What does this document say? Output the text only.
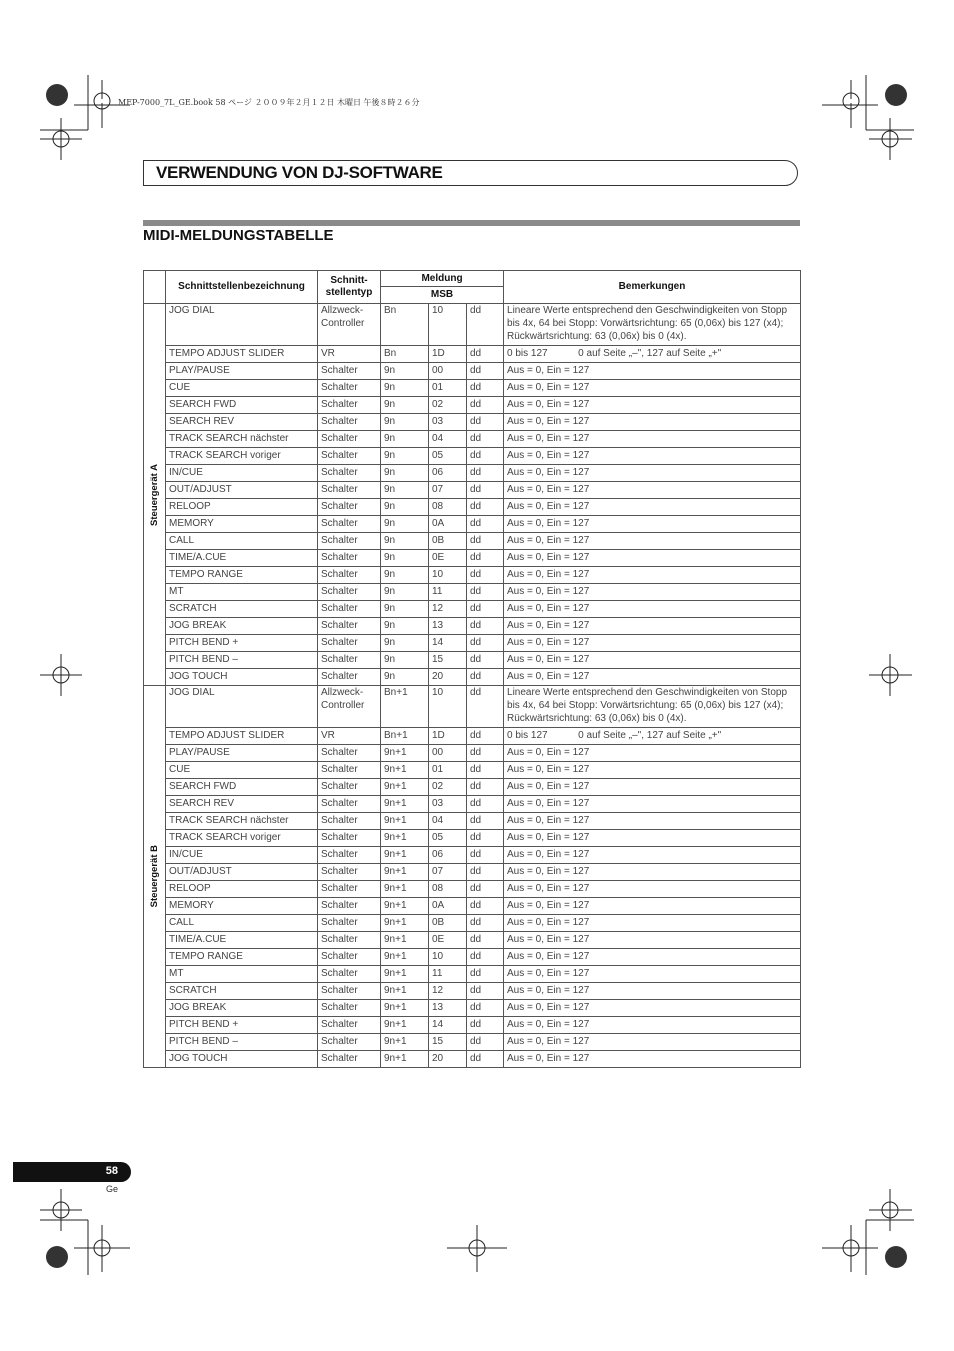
MEP-7000_7L_GE.book 58 ページ ２００９年２月１２日 木曜日 午後８時２６分
VERWENDUNG VON DJ-SOFTWARE
MIDI-MELDUNGSTABELLE
	Schnittstellenbezeichnung	Schnitt-stellentyp	Meldung			Bemerkungen
			MSB			

Steuergerät A	JOG DIAL	Allzweck-Controller	Bn	10	dd	Lineare Werte entsprechend den Geschwindigkeiten von Stopp bis 4x, 64 bei Stopp: Vorwärtsrichtung: 65 (0,06x) bis 127 (x4); Rückwärtsrichtung: 63 (0,06x) bis 0 (4x).
	TEMPO ADJUST SLIDER	VR	Bn	1D	dd	0 bis 127           0 auf Seite „–", 127 auf Seite „+"
	PLAY/PAUSE	Schalter	9n	00	dd	Aus = 0, Ein = 127
	CUE	Schalter	9n	01	dd	Aus = 0, Ein = 127
	SEARCH FWD	Schalter	9n	02	dd	Aus = 0, Ein = 127
	SEARCH REV	Schalter	9n	03	dd	Aus = 0, Ein = 127
	TRACK SEARCH nächster	Schalter	9n	04	dd	Aus = 0, Ein = 127
	TRACK SEARCH voriger	Schalter	9n	05	dd	Aus = 0, Ein = 127
	IN/CUE	Schalter	9n	06	dd	Aus = 0, Ein = 127
	OUT/ADJUST	Schalter	9n	07	dd	Aus = 0, Ein = 127
	RELOOP	Schalter	9n	08	dd	Aus = 0, Ein = 127
	MEMORY	Schalter	9n	0A	dd	Aus = 0, Ein = 127
	CALL	Schalter	9n	0B	dd	Aus = 0, Ein = 127
	TIME/A.CUE	Schalter	9n	0E	dd	Aus = 0, Ein = 127
	TEMPO RANGE	Schalter	9n	10	dd	Aus = 0, Ein = 127
	MT	Schalter	9n	11	dd	Aus = 0, Ein = 127
	SCRATCH	Schalter	9n	12	dd	Aus = 0, Ein = 127
	JOG BREAK	Schalter	9n	13	dd	Aus = 0, Ein = 127
	PITCH BEND +	Schalter	9n	14	dd	Aus = 0, Ein = 127
	PITCH BEND –	Schalter	9n	15	dd	Aus = 0, Ein = 127
	JOG TOUCH	Schalter	9n	20	dd	Aus = 0, Ein = 127

Steuergerät B	JOG DIAL	Allzweck-Controller	Bn+1	10	dd	Lineare Werte entsprechend den Geschwindigkeiten von Stopp bis 4x, 64 bei Stopp: Vorwärtsrichtung: 65 (0,06x) bis 127 (x4); Rückwärtsrichtung: 63 (0,06x) bis 0 (4x).
	TEMPO ADJUST SLIDER	VR	Bn+1	1D	dd	0 bis 127           0 auf Seite „–", 127 auf Seite „+"
	PLAY/PAUSE	Schalter	9n+1	00	dd	Aus = 0, Ein = 127
	CUE	Schalter	9n+1	01	dd	Aus = 0, Ein = 127
	SEARCH FWD	Schalter	9n+1	02	dd	Aus = 0, Ein = 127
	SEARCH REV	Schalter	9n+1	03	dd	Aus = 0, Ein = 127
	TRACK SEARCH nächster	Schalter	9n+1	04	dd	Aus = 0, Ein = 127
	TRACK SEARCH voriger	Schalter	9n+1	05	dd	Aus = 0, Ein = 127
	IN/CUE	Schalter	9n+1	06	dd	Aus = 0, Ein = 127
	OUT/ADJUST	Schalter	9n+1	07	dd	Aus = 0, Ein = 127
	RELOOP	Schalter	9n+1	08	dd	Aus = 0, Ein = 127
	MEMORY	Schalter	9n+1	0A	dd	Aus = 0, Ein = 127
	CALL	Schalter	9n+1	0B	dd	Aus = 0, Ein = 127
	TIME/A.CUE	Schalter	9n+1	0E	dd	Aus = 0, Ein = 127
	TEMPO RANGE	Schalter	9n+1	10	dd	Aus = 0, Ein = 127
	MT	Schalter	9n+1	11	dd	Aus = 0, Ein = 127
	SCRATCH	Schalter	9n+1	12	dd	Aus = 0, Ein = 127
	JOG BREAK	Schalter	9n+1	13	dd	Aus = 0, Ein = 127
	PITCH BEND +	Schalter	9n+1	14	dd	Aus = 0, Ein = 127
	PITCH BEND –	Schalter	9n+1	15	dd	Aus = 0, Ein = 127
	JOG TOUCH	Schalter	9n+1	20	dd	Aus = 0, Ein = 127
58
Ge
